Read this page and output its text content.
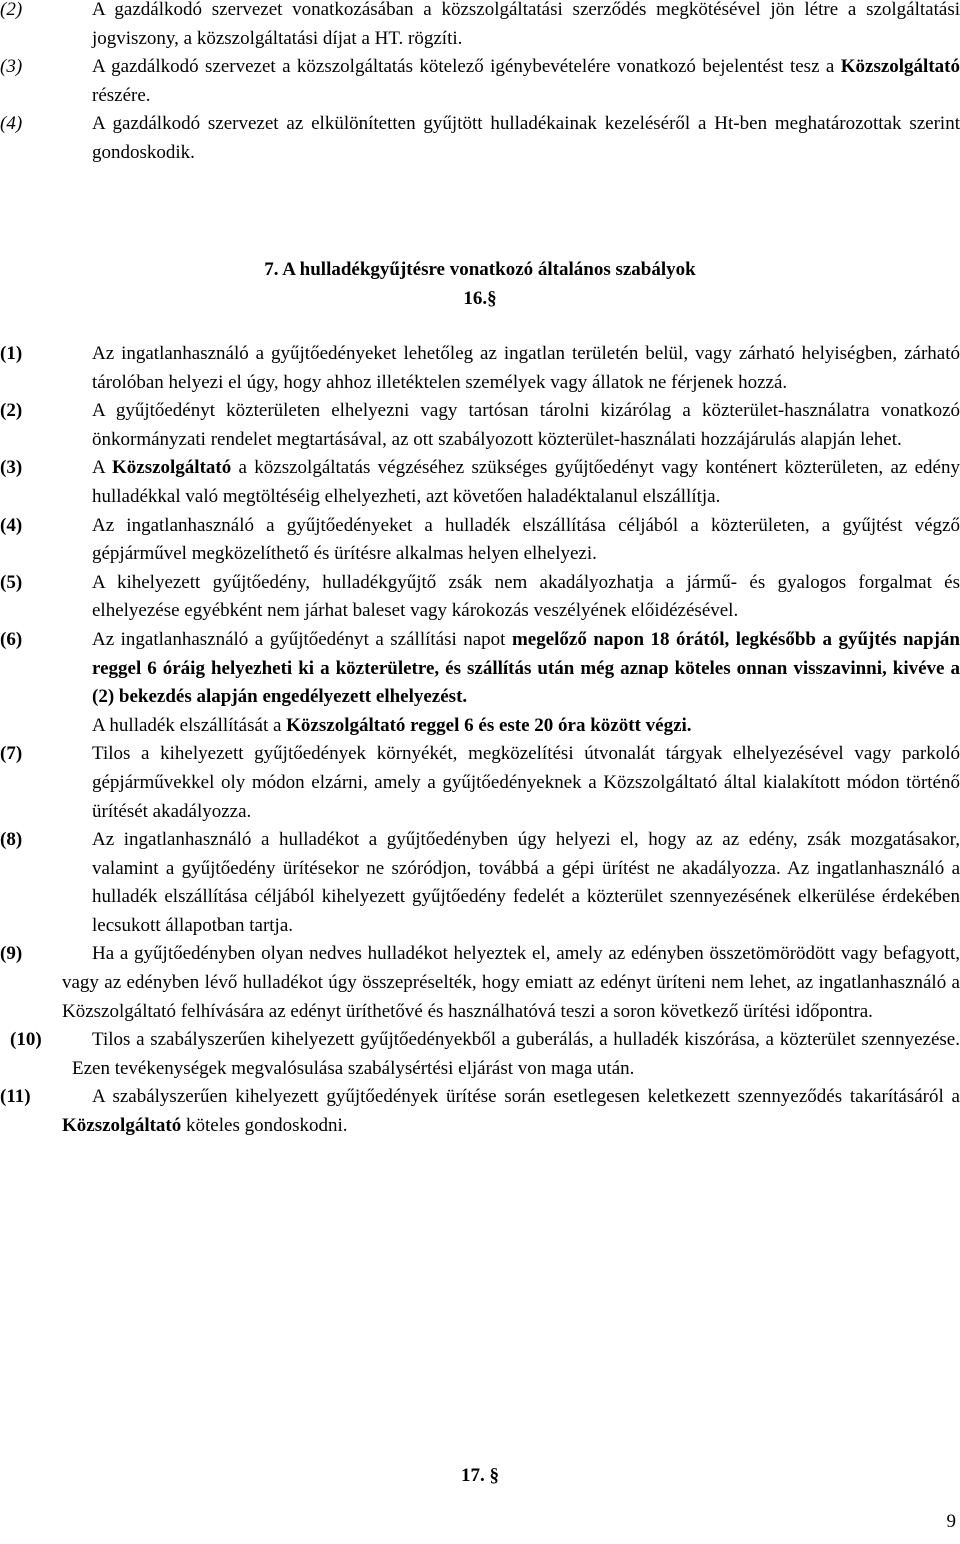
(2)	A gazdálkodó szervezet vonatkozásában a közszolgáltatási szerződés megkötésével jön létre a szolgáltatási jogviszony, a közszolgáltatási díjat a HT. rögzíti.
(3)	A gazdálkodó szervezet a közszolgáltatás kötelező igénybevételére vonatkozó bejelentést tesz a Közszolgáltató részére.
(4)	A gazdálkodó szervezet az elkülönítetten gyűjtött hulladékainak kezeléséről a Ht-ben meghatározottak szerint gondoskodik.
7. A hulladékgyűjtésre vonatkozó általános szabályok
16.§
(1)	Az ingatlanhasználó a gyűjtőedényeket lehetőleg az ingatlan területén belül, vagy zárható helyiségben, zárható tárolóban helyezi el úgy, hogy ahhoz illetéktelen személyek vagy állatok ne férjenek hozzá.
(2)	A gyűjtőedényt közterületen elhelyezni vagy tartósan tárolni kizárólag a közterület-használatra vonatkozó önkormányzati rendelet megtartásával, az ott szabályozott közterület-használati hozzájárulás alapján lehet.
(3)	A Közszolgáltató a közszolgáltatás végzéséhez szükséges gyűjtőedényt vagy konténert közterületen, az edény hulladékkal való megtöltéséig elhelyezheti, azt követően haladéktalanul elszállítja.
(4)	Az ingatlanhasználó a gyűjtőedényeket a hulladék elszállítása céljából a közterületen, a gyűjtést végző gépjárművel megközelíthető és ürítésre alkalmas helyen elhelyezi.
(5)	A kihelyezett gyűjtőedény, hulladékgyűjtő zsák nem akadályozhatja a jármű- és gyalogos forgalmat és elhelyezése egyébként nem járhat baleset vagy károkozás veszélyének előidézésével.
(6)	Az ingatlanhasználó a gyűjtőedényt a szállítási napot megelőző napon 18 órától, legkésőbb a gyűjtés napján reggel 6 óráig helyezheti ki a közterületre, és szállítás után még aznap köteles onnan visszavinni, kivéve a (2) bekezdés alapján engedélyezett elhelyezést.
A hulladék elszállítását a Közszolgáltató reggel 6 és este 20 óra között végzi.
(7)	Tilos a kihelyezett gyűjtőedények környékét, megközelítési útvonalát tárgyak elhelyezésével vagy parkoló gépjárművekkel oly módon elzárni, amely a gyűjtőedényeknek a Közszolgáltató által kialakított módon történő ürítését akadályozza.
(8)	Az ingatlanhasználó a hulladékot a gyűjtőedényben úgy helyezi el, hogy az az edény, zsák mozgatásakor, valamint a gyűjtőedény ürítésekor ne szóródjon, továbbá a gépi ürítést ne akadályozza. Az ingatlanhasználó a hulladék elszállítása céljából kihelyezett gyűjtőedény fedelét a közterület szennyezésének elkerülése érdekében lecsukott állapotban tartja.
(9)	Ha a gyűjtőedényben olyan nedves hulladékot helyeztek el, amely az edényben összetömörödött vagy befagyott, vagy az edényben lévő hulladékot úgy összepréselték, hogy emiatt az edényt üríteni nem lehet, az ingatlanhasználó a Közszolgáltató felhívására az edényt üríthetővé és használhatóvá teszi a soron következő ürítési időpontra.
(10)	Tilos a szabályszerűen kihelyezett gyűjtőedényekből a guberálás, a hulladék kiszórása, a közterület szennyezése. Ezen tevékenységek megvalósulása szabálysértési eljárást von maga után.
(11)	A szabályszerűen kihelyezett gyűjtőedények ürítése során esetlegesen keletkezett szennyeződés takarításáról a Közszolgáltató köteles gondoskodni.
17. §
9
